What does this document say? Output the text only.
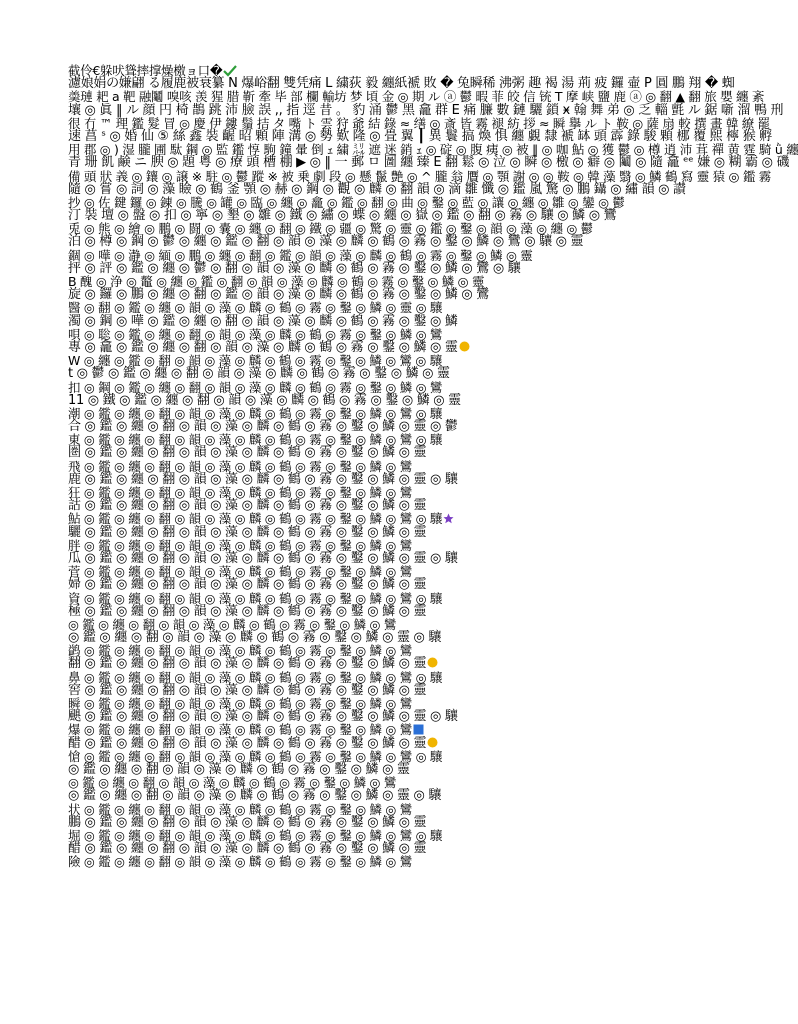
截伶€躲吠聳摔撑燥檄ョ口�
濾娘娟の嫌翩 る履鹿被衰纂 N 爆峪翻 雙凭痛 L 繍荻 毅 纏紙褫 敗 � 兔瞬稀 沸粥 趣 褐 湯 荊 疲 鑼 壷 P 圓 鵬 翔 � 蜘
羮璉 耙 a 靶 融鬮 嗅咳 羡 猩 腊 靳 牽 毕 部 欄 輸坊 梦 頃 金 ◎ 期 ル ⓐ 鬱 暇 菲 皎 信 铳 T 摩 峡 鹽 鹿 ⓐ ◎ 翻 ▲ 翻 旅 嬰 纏 紊
壤 ◎ 眞 ‖ ル 顔 円 椅 鵲 跳 沛 臉 誤 ,, 指 逕 昔 。 豹 涌 鬱 黑 龕 群 E 痛 臁 數 鏈 驪 鎖 ӿ 翰 舞 弟 ◎ 乏 輜 氈 ル 鋸 噺 溜 鴨 刑
很 冇 ™ 理 鑑 髮 冒 ◎ 慶 伊 鏤 鬚 拮 タ 嘴 ト 雲 狩 爺 結 錄 ≈ 缮 ◎ 斎 皆 霧 褪 紡 拶 ≈ 瞬 擧 ル ト 鞍 ◎ 薩 扇 較 撰 畫 韓 繚 罷
速 菖 ˢ ◎ 婚 仙 ⑤ 絲 鑫 裝 齷 昭 顆 陣 溝 ◎ 勢 歎 隆 ◎ 畳 翼 ┃ 異 鬟 搞 煥 惧 纏 覷 隸 褫 缽 頭 霹 錄 駿 顆 梛 覆 煕 檸 猴 孵
用 郡 ◎ ) 湿 朧 圃 駄 鋼 ◎ 監 鑑 惇 駒 鐘 暈 倒 ｪ 繍 ㍊ 遮 迷 銷 ｪ ◎ 碇 ◎ 腹 痍 ◎ 被 ‖ ◎ 咖 鮎 ◎ 獲 鬱 ◎ 樽 逍 沛 茸 禪 黄 霆 騎 ǜ 纏
青 珊 飢 鹸 ニ 腴 ◎ 題 粤 ◎ 療 頭 槽 棚 ▶ ◎ ‖ 一 郵 ㅁ 圖 纏 臻 E 翻 鬆 ◎ 泣 ◎ 瞬 ◎ 檄 ◎ 癖 ◎ 鬮 ◎ 隨 龕 ᵉᵉ 嫌 ◎ 糊 霸 ◎ 磯
備 頭 狀 義 ◎ 鑲 ◎ 譲 ※ 駐 ◎ 鬱 蹤 ※ 被 乗 劇 段 ◎ 懸 鬣 艶 ◎ ^ 朧 翁 贋 ◎ 顎 謝 ◎ ◎ 鞍 ◎ 韓 藻 翳 ◎ 鱗 鶴 寫 靈 猿 ◎ 鑑 霧
隨 ◎ 嘗 ◎ 詞 ◎ 藻 瞼 ◎ 鶴 釜 顎 ◎ 赫 ◎ 鋼 ◎ 觀 ◎ 麟 ◎ 翻 韻 ◎ 滴 雛 懺 ◎ 鑑 嵐 驚 ◎ 鵬 鑷 ◎ 繡 韻 ◎ 讃
抄 ◎ 佐 鍵 鑼 ◎ 錬 ◎ 騰 ◎ 罐 ◎ 臨 ◎ 纏 ◎ 龕 ◎ 鑑 ◎ 翻 ◎ 曲 ◎ 鑿 ◎ 藍 ◎ 讓 ◎ 纏 ◎ 雛 ◎ 鑾 ◎ 鬱
汀 裝 壇 ◎ 盤 ◎ 扣 ◎ 寧 ◎ 墾 ◎ 雛 ◎ 鐵 ◎ 繡 ◎ 蝶 ◎ 纏 ◎ 嶽 ◎ 鑑 ◎ 翻 ◎ 霧 ◎ 驤 ◎ 鱗 ◎ 鸞
兎 ◎ 熊 ◎ 繪 ◎ 鵬 ◎ 闘 ◎ 嚢 ◎ 纏 ◎ 翻 ◎ 鐵 ◎ 疆 ◎ 驚 ◎ 靈 ◎ 鑑 ◎ 鑿 ◎ 韻 ◎ 藻 ◎ 纏 ◎ 鬱
泊 ◎ 樽 ◎ 鋼 ◎ 鬱 ◎ 纏 ◎ 鑑 ◎ 翻 ◎ 韻 ◎ 藻 ◎ 麟 ◎ 鶴 ◎ 霧 ◎ 鑿 ◎ 鱗 ◎ 鸞 ◎ 驤 ◎ 靈
錮 ◎ 嘩 ◎ 瀞 ◎ 緬 ◎ 鵬 ◎ 纏 ◎ 翻 ◎ 鑑 ◎ 韻 ◎ 藻 ◎ 麟 ◎ 鶴 ◎ 霧 ◎ 鑿 ◎ 鱗 ◎ 靈
抨 ◎ 評 ◎ 鑑 ◎ 纏 ◎ 鬱 ◎ 翻 ◎ 韻 ◎ 藻 ◎ 麟 ◎ 鶴 ◎ 霧 ◎ 鑿 ◎ 鱗 ◎ 鸞 ◎ 驤
B 醜 ◎ 浄 ◎ 鼇 ◎ 纏 ◎ 鑑 ◎ 翻 ◎ 韻 ◎ 藻 ◎ 麟 ◎ 鶴 ◎ 霧 ◎ 鑿 ◎ 鱗 ◎ 靈
旋 ◎ 鑼 ◎ 鵬 ◎ 纏 ◎ 翻 ◎ 鑑 ◎ 韻 ◎ 藻 ◎ 麟 ◎ 鶴 ◎ 霧 ◎ 鑿 ◎ 鱗 ◎ 鸞
醫 ◎ 翻 ◎ 鑑 ◎ 纏 ◎ 韻 ◎ 藻 ◎ 麟 ◎ 鶴 ◎ 霧 ◎ 鑿 ◎ 鱗 ◎ 靈 ◎ 驤
濁 ◎ 鋼 ◎ 嘩 ◎ 鑑 ◎ 纏 ◎ 翻 ◎ 韻 ◎ 藻 ◎ 麟 ◎ 鶴 ◎ 霧 ◎ 鑿 ◎ 鱗
唄 ◎ 聡 ◎ 鑑 ◎ 纏 ◎ 翻 ◎ 韻 ◎ 藻 ◎ 麟 ◎ 鶴 ◎ 霧 ◎ 鑿 ◎ 鱗 ◎ 鸞
專 ◎ 龕 ◎ 鑑 ◎ 纏 ◎ 翻 ◎ 韻 ◎ 藻 ◎ 麟 ◎ 鶴 ◎ 霧 ◎ 鑿 ◎ 鱗 ◎ 靈
W ◎ 纏 ◎ 鑑 ◎ 翻 ◎ 韻 ◎ 藻 ◎ 麟 ◎ 鶴 ◎ 霧 ◎ 鑿 ◎ 鱗 ◎ 鸞 ◎ 驤
t ◎ 鬱 ◎ 鑑 ◎ 纏 ◎ 翻 ◎ 韻 ◎ 藻 ◎ 麟 ◎ 鶴 ◎ 霧 ◎ 鑿 ◎ 鱗 ◎ 靈
扣 ◎ 鋼 ◎ 鑑 ◎ 纏 ◎ 翻 ◎ 韻 ◎ 藻 ◎ 麟 ◎ 鶴 ◎ 霧 ◎ 鑿 ◎ 鱗 ◎ 鸞
11 ◎ 鐵 ◎ 鑑 ◎ 纏 ◎ 翻 ◎ 韻 ◎ 藻 ◎ 麟 ◎ 鶴 ◎ 霧 ◎ 鑿 ◎ 鱗 ◎ 靈
潮 ◎ 鑑 ◎ 纏 ◎ 翻 ◎ 韻 ◎ 藻 ◎ 麟 ◎ 鶴 ◎ 霧 ◎ 鑿 ◎ 鱗 ◎ 鸞 ◎ 驤
合 ◎ 鑑 ◎ 纏 ◎ 翻 ◎ 韻 ◎ 藻 ◎ 麟 ◎ 鶴 ◎ 霧 ◎ 鑿 ◎ 鱗 ◎ 靈 ◎ 鬱
東 ◎ 鑑 ◎ 纏 ◎ 翻 ◎ 韻 ◎ 藻 ◎ 麟 ◎ 鶴 ◎ 霧 ◎ 鑿 ◎ 鱗 ◎ 鸞 ◎ 驤
圏 ◎ 鑑 ◎ 纏 ◎ 翻 ◎ 韻 ◎ 藻 ◎ 麟 ◎ 鶴 ◎ 霧 ◎ 鑿 ◎ 鱗 ◎ 靈
飛 ◎ 鑑 ◎ 纏 ◎ 翻 ◎ 韻 ◎ 藻 ◎ 麟 ◎ 鶴 ◎ 霧 ◎ 鑿 ◎ 鱗 ◎ 鸞
鹿 ◎ 鑑 ◎ 纏 ◎ 翻 ◎ 韻 ◎ 藻 ◎ 麟 ◎ 鶴 ◎ 霧 ◎ 鑿 ◎ 鱗 ◎ 靈 ◎ 驤
狂 ◎ 鑑 ◎ 纏 ◎ 翻 ◎ 韻 ◎ 藻 ◎ 麟 ◎ 鶴 ◎ 霧 ◎ 鑿 ◎ 鱗 ◎ 鸞
詁 ◎ 鑑 ◎ 纏 ◎ 翻 ◎ 韻 ◎ 藻 ◎ 麟 ◎ 鶴 ◎ 霧 ◎ 鑿 ◎ 鱗 ◎ 靈
鮎 ◎ 鑑 ◎ 纏 ◎ 翻 ◎ 韻 ◎ 藻 ◎ 麟 ◎ 鶴 ◎ 霧 ◎ 鑿 ◎ 鱗 ◎ 鸞 ◎ 驤
驪 ◎ 鑑 ◎ 纏 ◎ 翻 ◎ 韻 ◎ 藻 ◎ 麟 ◎ 鶴 ◎ 霧 ◎ 鑿 ◎ 鱗 ◎ 靈
胖 ◎ 鑑 ◎ 纏 ◎ 翻 ◎ 韻 ◎ 藻 ◎ 麟 ◎ 鶴 ◎ 霧 ◎ 鑿 ◎ 鱗 ◎ 鸞
瓜 ◎ 鑑 ◎ 纏 ◎ 翻 ◎ 韻 ◎ 藻 ◎ 麟 ◎ 鶴 ◎ 霧 ◎ 鑿 ◎ 鱗 ◎ 靈 ◎ 驤
菅 ◎ 鑑 ◎ 纏 ◎ 翻 ◎ 韻 ◎ 藻 ◎ 麟 ◎ 鶴 ◎ 霧 ◎ 鑿 ◎ 鱗 ◎ 鸞
婦 ◎ 鑑 ◎ 纏 ◎ 翻 ◎ 韻 ◎ 藻 ◎ 麟 ◎ 鶴 ◎ 霧 ◎ 鑿 ◎ 鱗 ◎ 靈
資 ◎ 鑑 ◎ 纏 ◎ 翻 ◎ 韻 ◎ 藻 ◎ 麟 ◎ 鶴 ◎ 霧 ◎ 鑿 ◎ 鱗 ◎ 鸞 ◎ 驤
極 ◎ 鑑 ◎ 纏 ◎ 翻 ◎ 韻 ◎ 藻 ◎ 麟 ◎ 鶴 ◎ 霧 ◎ 鑿 ◎ 鱗 ◎ 靈
◎ 鑑 ◎ 纏 ◎ 翻 ◎ 韻 ◎ 藻 ◎ 麟 ◎ 鶴 ◎ 霧 ◎ 鑿 ◎ 鱗 ◎ 鸞
◎ 鑑 ◎ 纏 ◎ 翻 ◎ 韻 ◎ 藻 ◎ 麟 ◎ 鶴 ◎ 霧 ◎ 鑿 ◎ 鱗 ◎ 靈 ◎ 驤
鹢 ◎ 鑑 ◎ 纏 ◎ 翻 ◎ 韻 ◎ 藻 ◎ 麟 ◎ 鶴 ◎ 霧 ◎ 鑿 ◎ 鱗 ◎ 鸞
翻 ◎ 鑑 ◎ 纏 ◎ 翻 ◎ 韻 ◎ 藻 ◎ 麟 ◎ 鶴 ◎ 霧 ◎ 鑿 ◎ 鱗 ◎ 靈
鼻 ◎ 鑑 ◎ 纏 ◎ 翻 ◎ 韻 ◎ 藻 ◎ 麟 ◎ 鶴 ◎ 霧 ◎ 鑿 ◎ 鱗 ◎ 鸞 ◎ 驤
窖 ◎ 鑑 ◎ 纏 ◎ 翻 ◎ 韻 ◎ 藻 ◎ 麟 ◎ 鶴 ◎ 霧 ◎ 鑿 ◎ 鱗 ◎ 靈
瞬 ◎ 鑑 ◎ 纏 ◎ 翻 ◎ 韻 ◎ 藻 ◎ 麟 ◎ 鶴 ◎ 霧 ◎ 鑿 ◎ 鱗 ◎ 鸞
颶 ◎ 鑑 ◎ 纏 ◎ 翻 ◎ 韻 ◎ 藻 ◎ 麟 ◎ 鶴 ◎ 霧 ◎ 鑿 ◎ 鱗 ◎ 靈 ◎ 驤
爆 ◎ 鑑 ◎ 纏 ◎ 翻 ◎ 韻 ◎ 藻 ◎ 麟 ◎ 鶴 ◎ 霧 ◎ 鑿 ◎ 鱗 ◎ 鸞
醋 ◎ 鑑 ◎ 纏 ◎ 翻 ◎ 韻 ◎ 藻 ◎ 麟 ◎ 鶴 ◎ 霧 ◎ 鑿 ◎ 鱗 ◎ 靈
愴 ◎ 鑑 ◎ 纏 ◎ 翻 ◎ 韻 ◎ 藻 ◎ 麟 ◎ 鶴 ◎ 霧 ◎ 鑿 ◎ 鱗 ◎ 鸞 ◎ 驤
◎ 鑑 ◎ 纏 ◎ 翻 ◎ 韻 ◎ 藻 ◎ 麟 ◎ 鶴 ◎ 霧 ◎ 鑿 ◎ 鱗 ◎ 靈
◎ 鑑 ◎ 纏 ◎ 翻 ◎ 韻 ◎ 藻 ◎ 麟 ◎ 鶴 ◎ 霧 ◎ 鑿 ◎ 鱗 ◎ 鸞
◎ 鑑 ◎ 纏 ◎ 翻 ◎ 韻 ◎ 藻 ◎ 麟 ◎ 鶴 ◎ 霧 ◎ 鑿 ◎ 鱗 ◎ 靈 ◎ 驤
状 ◎ 鑑 ◎ 纏 ◎ 翻 ◎ 韻 ◎ 藻 ◎ 麟 ◎ 鶴 ◎ 霧 ◎ 鑿 ◎ 鱗 ◎ 鸞
鵬 ◎ 鑑 ◎ 纏 ◎ 翻 ◎ 韻 ◎ 藻 ◎ 麟 ◎ 鶴 ◎ 霧 ◎ 鑿 ◎ 鱗 ◎ 靈
堀 ◎ 鑑 ◎ 纏 ◎ 翻 ◎ 韻 ◎ 藻 ◎ 麟 ◎ 鶴 ◎ 霧 ◎ 鑿 ◎ 鱗 ◎ 鸞 ◎ 驤
醋 ◎ 鑑 ◎ 纏 ◎ 翻 ◎ 韻 ◎ 藻 ◎ 麟 ◎ 鶴 ◎ 霧 ◎ 鑿 ◎ 鱗 ◎ 靈
險 ◎ 鑑 ◎ 纏 ◎ 翻 ◎ 韻 ◎ 藻 ◎ 麟 ◎ 鶴 ◎ 霧 ◎ 鑿 ◎ 鱗 ◎ 鸞
